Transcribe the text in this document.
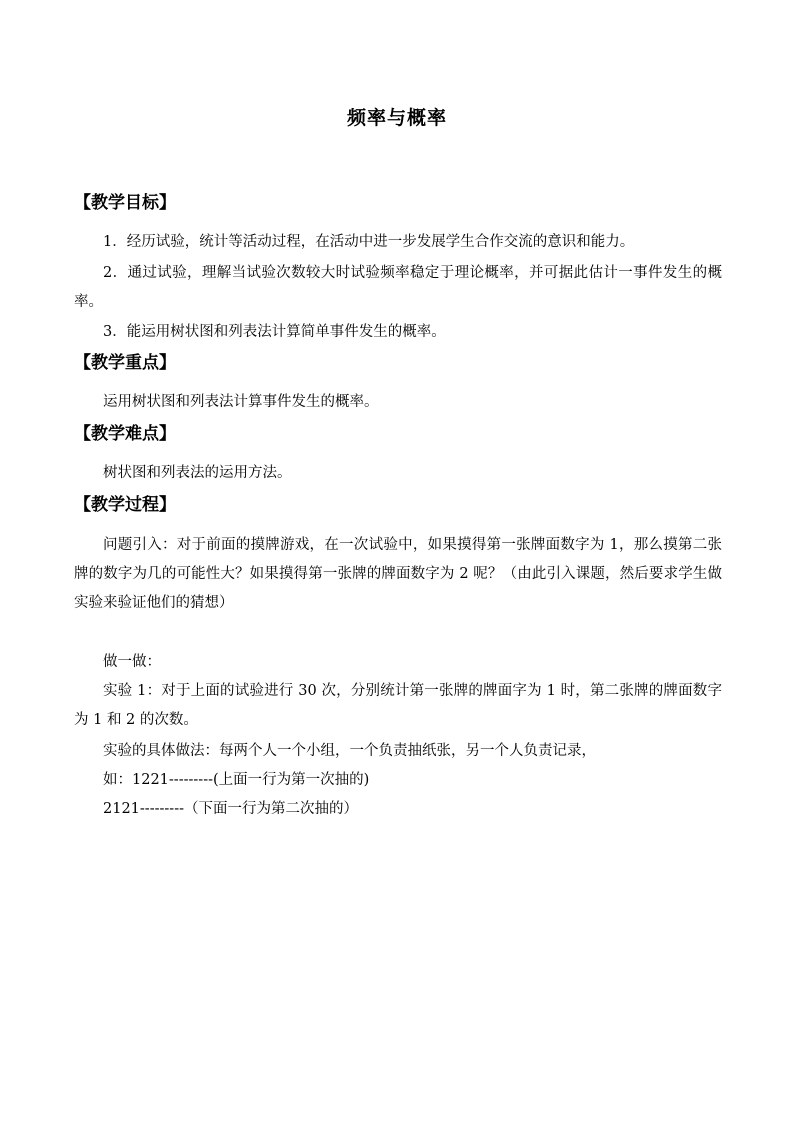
频率与概率
【教学目标】
1．经历试验，统计等活动过程，在活动中进一步发展学生合作交流的意识和能力。
2．通过试验，理解当试验次数较大时试验频率稳定于理论概率，并可据此估计一事件发生的概率。
3．能运用树状图和列表法计算简单事件发生的概率。
【教学重点】
运用树状图和列表法计算事件发生的概率。
【教学难点】
树状图和列表法的运用方法。
【教学过程】
问题引入：对于前面的摸牌游戏，在一次试验中，如果摸得第一张牌面数字为 1，那么摸第二张牌的数字为几的可能性大？如果摸得第一张牌的牌面数字为 2 呢？（由此引入课题，然后要求学生做实验来验证他们的猜想）
做一做：
实验 1：对于上面的试验进行 30 次，分别统计第一张牌的牌面字为 1 时，第二张牌的牌面数字为 1 和 2 的次数。
实验的具体做法：每两个人一个小组，一个负责抽纸张，另一个人负责记录，
如：1221---------(上面一行为第一次抽的)
2121---------（下面一行为第二次抽的）
